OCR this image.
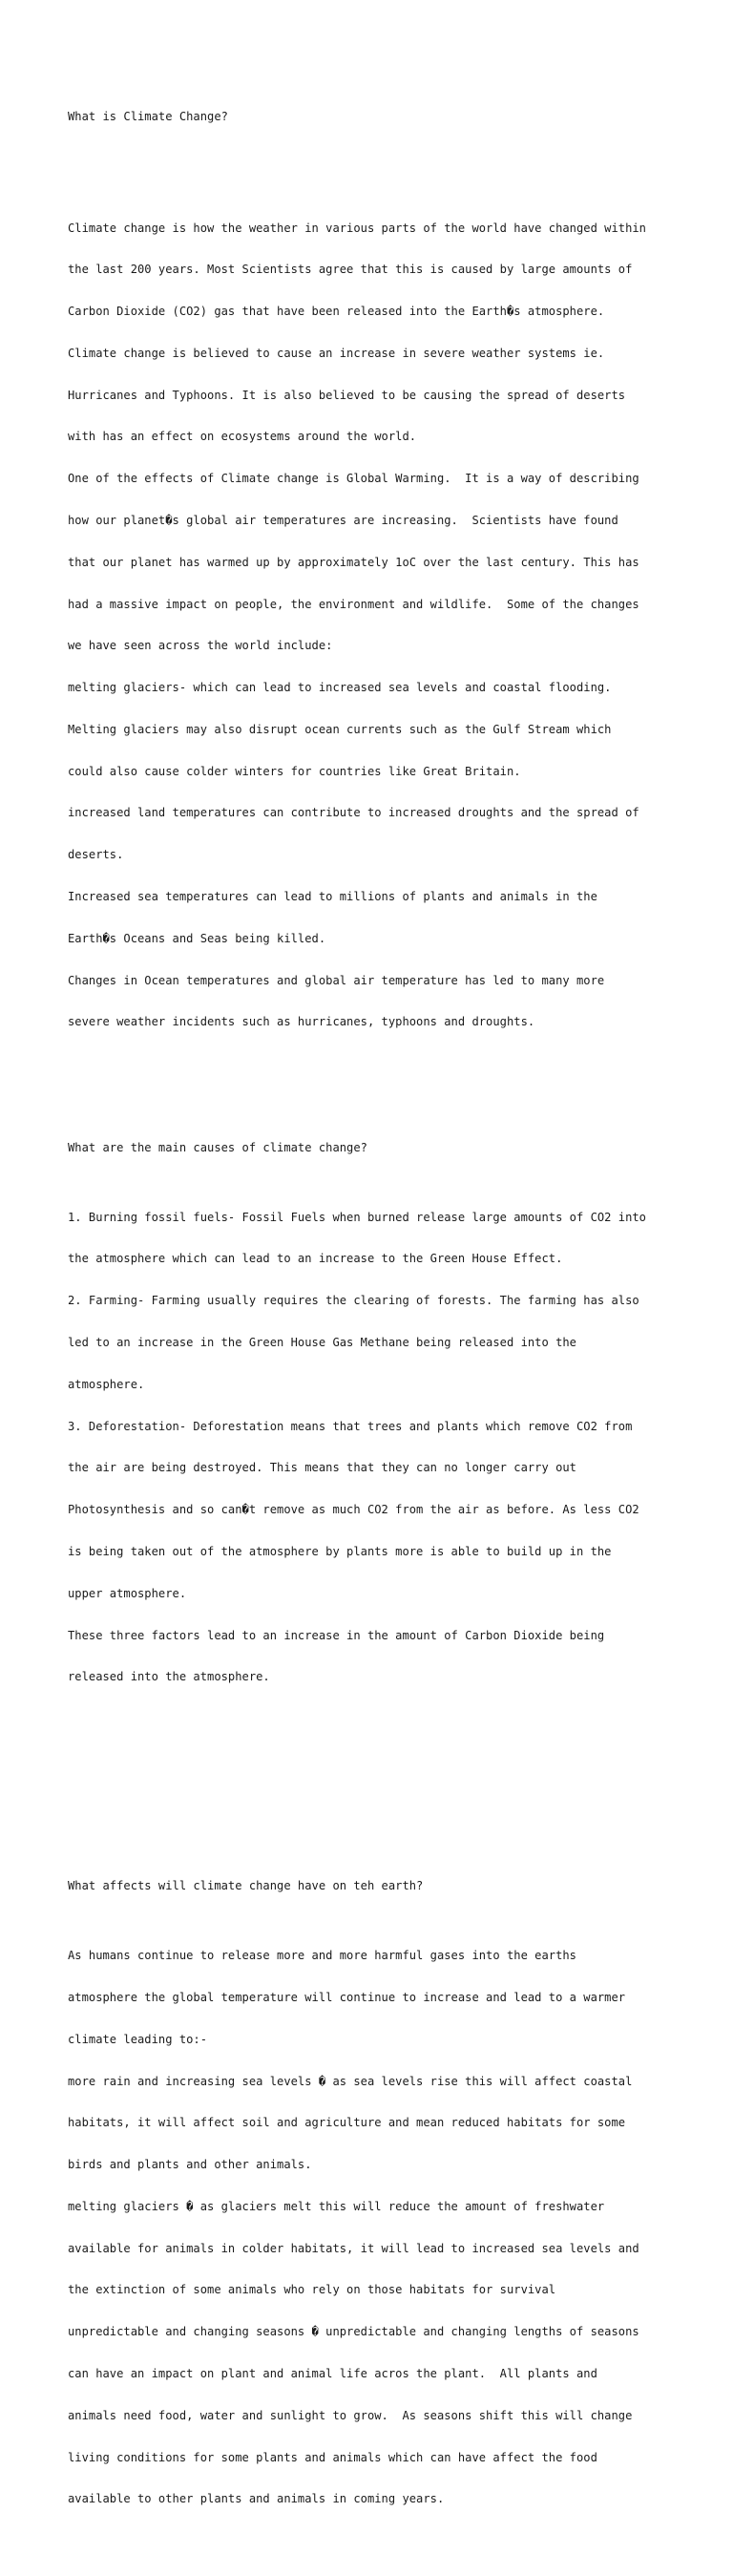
What is Climate Change?

Climate change is how the weather in various parts of the world have changed within

the last 200 years. Most Scientists agree that this is caused by large amounts of

Carbon Dioxide (CO2) gas that have been released into the Earth�s atmosphere.

Climate change is believed to cause an increase in severe weather systems ie.

Hurricanes and Typhoons. It is also believed to be causing the spread of deserts

with has an effect on ecosystems around the world.

One of the effects of Climate change is Global Warming.  It is a way of describing

how our planet�s global air temperatures are increasing.  Scientists have found

that our planet has warmed up by approximately 1oC over the last century. This has

had a massive impact on people, the environment and wildlife.  Some of the changes

we have seen across the world include:

melting glaciers- which can lead to increased sea levels and coastal flooding.

Melting glaciers may also disrupt ocean currents such as the Gulf Stream which

could also cause colder winters for countries like Great Britain.

increased land temperatures can contribute to increased droughts and the spread of

deserts.

Increased sea temperatures can lead to millions of plants and animals in the

Earth�s Oceans and Seas being killed.

Changes in Ocean temperatures and global air temperature has led to many more

severe weather incidents such as hurricanes, typhoons and droughts.

What are the main causes of climate change?

1. Burning fossil fuels- Fossil Fuels when burned release large amounts of CO2 into

the atmosphere which can lead to an increase to the Green House Effect.

2. Farming- Farming usually requires the clearing of forests. The farming has also

led to an increase in the Green House Gas Methane being released into the

atmosphere.

3. Deforestation- Deforestation means that trees and plants which remove CO2 from

the air are being destroyed. This means that they can no longer carry out

Photosynthesis and so can�t remove as much CO2 from the air as before. As less CO2

is being taken out of the atmosphere by plants more is able to build up in the

upper atmosphere.

These three factors lead to an increase in the amount of Carbon Dioxide being

released into the atmosphere.

What affects will climate change have on teh earth?

As humans continue to release more and more harmful gases into the earths

atmosphere the global temperature will continue to increase and lead to a warmer

climate leading to:-

more rain and increasing sea levels � as sea levels rise this will affect coastal

habitats, it will affect soil and agriculture and mean reduced habitats for some

birds and plants and other animals.

melting glaciers � as glaciers melt this will reduce the amount of freshwater

available for animals in colder habitats, it will lead to increased sea levels and

the extinction of some animals who rely on those habitats for survival

unpredictable and changing seasons � unpredictable and changing lengths of seasons

can have an impact on plant and animal life acros the plant.  All plants and

animals need food, water and sunlight to grow.  As seasons shift this will change

living conditions for some plants and animals which can have affect the food

available to other plants and animals in coming years.
